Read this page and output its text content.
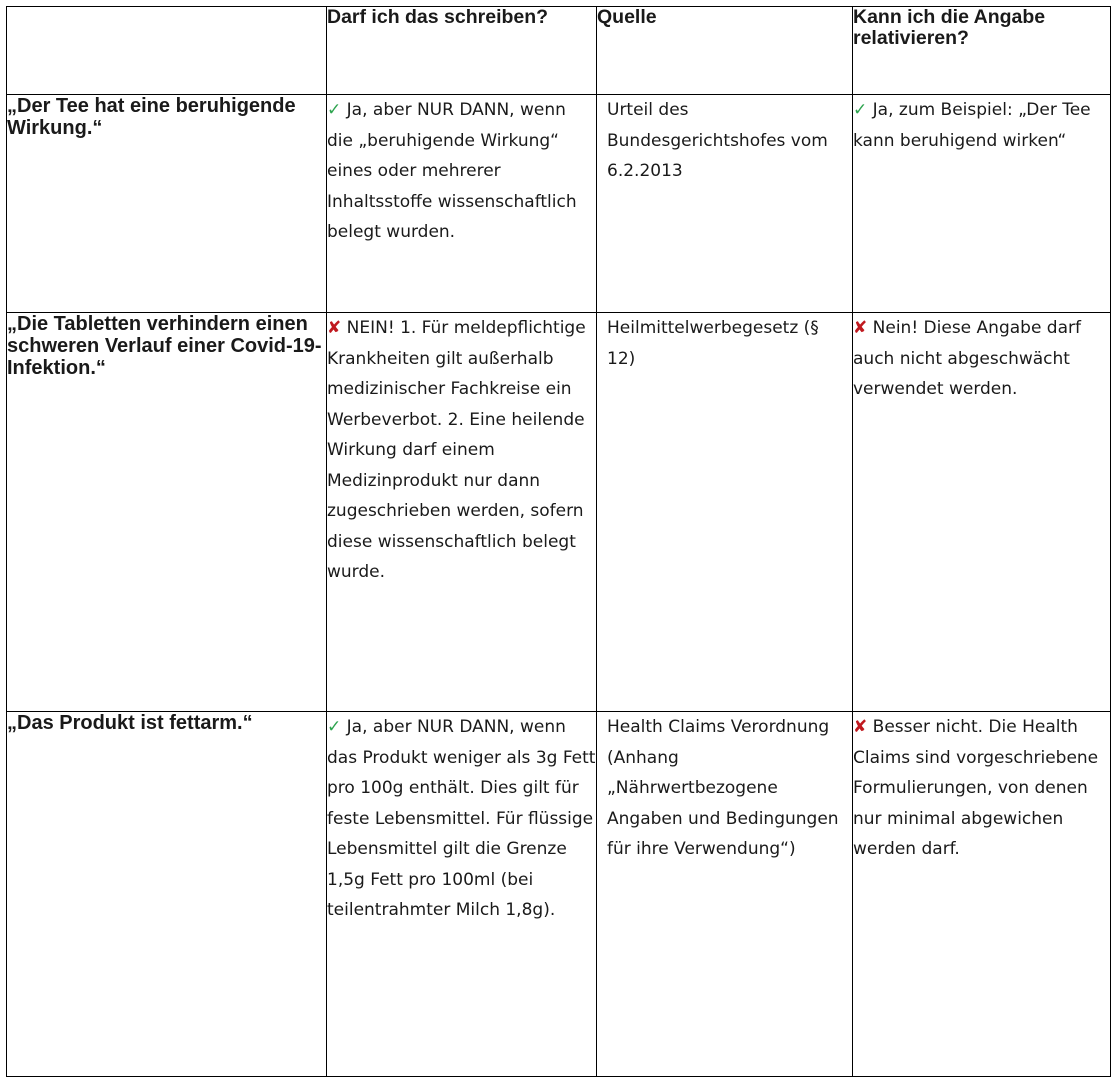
	Darf ich das schreiben?	Quelle	Kann ich die Angabe relativieren?
„Der Tee hat eine beruhigende Wirkung.“	✓ Ja, aber NUR DANN, wenn die „beruhigende Wirkung“ eines oder mehrerer Inhaltsstoffe wissenschaftlich belegt wurden.	Urteil des Bundesgerichtshofes vom 6.2.2013	✓ Ja, zum Beispiel: „Der Tee kann beruhigend wirken“
„Die Tabletten verhindern einen schweren Verlauf einer Covid-19-Infektion.“	✘ NEIN! 1. Für meldepflichtige Krankheiten gilt außerhalb medizinischer Fachkreise ein Werbeverbot. 2. Eine heilende Wirkung darf einem Medizinprodukt nur dann zugeschrieben werden, sofern diese wissenschaftlich belegt wurde.	Heilmittelwerbegesetz (§ 12)	✘ Nein! Diese Angabe darf auch nicht abgeschwächt verwendet werden.
„Das Produkt ist fettarm.“	✓ Ja, aber NUR DANN, wenn das Produkt weniger als 3g Fett pro 100g enthält. Dies gilt für feste Lebensmittel. Für flüssige Lebensmittel gilt die Grenze 1,5g Fett pro 100ml (bei teilentrahmter Milch 1,8g).	Health Claims Verordnung (Anhang „Nährwertbezogene Angaben und Bedingungen für ihre Verwendung“)	✘ Besser nicht. Die Health Claims sind vorgeschriebene Formulierungen, von denen nur minimal abgewichen werden darf.
